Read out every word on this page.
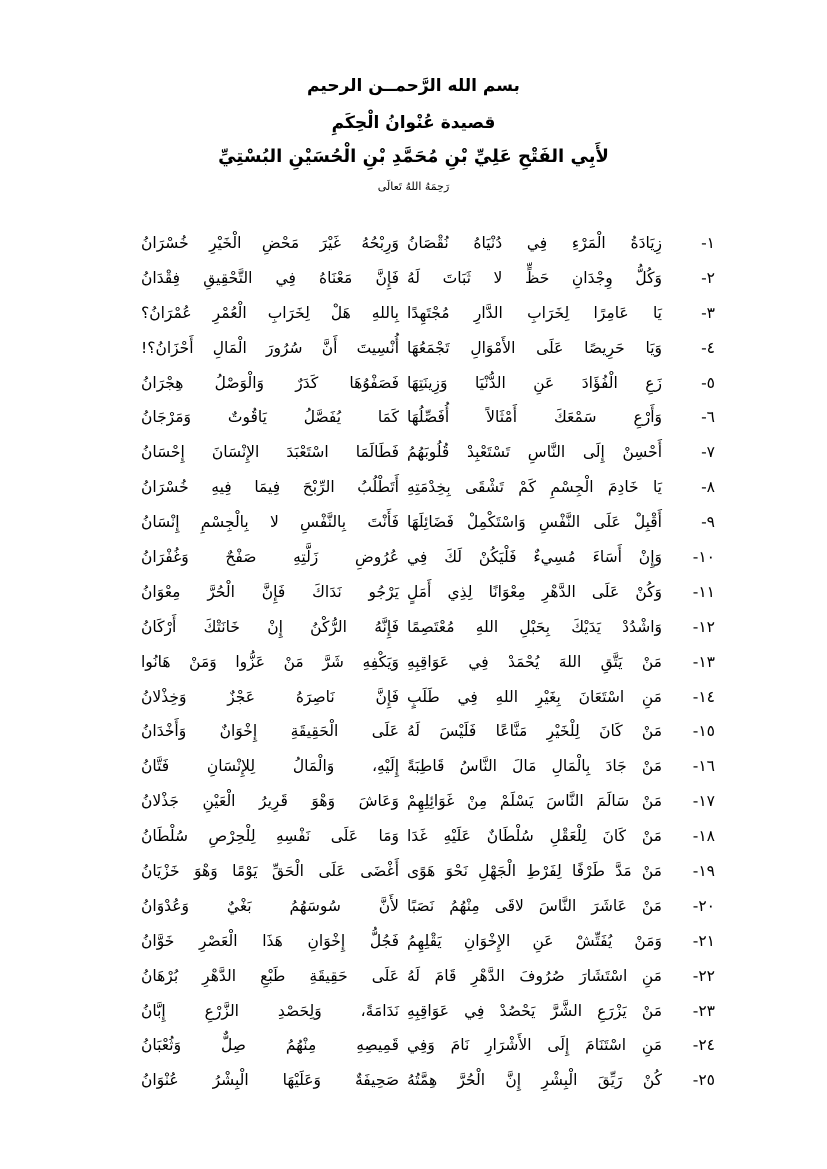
بسم الله الرَّحمــن الرحيم
قصيدة عُنْوانُ الْحِكَمِ
لأَبِي الفَتْحِ عَلِيِّ بْنِ مُحَمَّدِ بْنِ الْحُسَيْنِ البُسْتِيِّ
رَحِمَهُ اللهُ تَعالَى
١-
زِيَادَةُ الْمَرْءِ فِي دُنْيَاهُ نُقْصَانُ
وَرِبْحُهُ غَيْرَ مَحْضِ الْخَيْرِ خُسْرَانُ
٢-
وَكُلُّ وِجْدَانِ حَظٍّ لا ثَبَاتَ لَهُ
فَإِنَّ مَعْنَاهُ فِي التَّحْقِيقِ فِقْدَانُ
٣-
يَا عَامِرًا لِخَرَابِ الدَّارِ مُجْتَهِدًا
بِاللهِ هَلْ لِخَرَابِ الْعُمْرِ عُمْرَانُ؟
٤-
وَيَا حَرِيصًا عَلَى الأَمْوَالِ تَجْمَعُهَا
أُنْسِيتَ أَنَّ سُرُورَ الْمَالِ أَحْزَانُ؟!
٥-
زَعِ الْفُؤَادَ عَنِ الدُّنْيَا وَزِينَتِهَا
فَصَفْوُهَا كَدَرٌ وَالْوَصْلُ هِجْرَانُ
٦-
وَأَرْعِ سَمْعَكَ أَمْثَالاً أُفَصِّلُهَا
كَمَا يُفَصَّلُ يَاقُوتٌ وَمَرْجَانُ
٧-
أَحْسِنْ إِلَى النَّاسِ تَسْتَعْبِدْ قُلُوبَهُمُ
فَطَالَمَا اسْتَعْبَدَ الإِنْسَانَ إِحْسَانُ
٨-
يَا خَادِمَ الْجِسْمِ كَمْ تَشْقَى بِخِدْمَتِهِ
أَتَطْلُبُ الرِّبْحَ فِيمَا فِيهِ خُسْرَانُ
٩-
أَقْبِلْ عَلَى النَّفْسِ وَاسْتَكْمِلْ فَضَائِلَهَا
فَأَنْتَ بِالنَّفْسِ لا بِالْجِسْمِ إِنْسَانُ
١٠-
وَإِنْ أَسَاءَ مُسِيءٌ فَلْيَكُنْ لَكَ فِي
عُرُوضِ زَلَّتِهِ صَفْحٌ وَغُفْرَانُ
١١-
وَكُنْ عَلَى الدَّهْرِ مِعْوَانًا لِذِي أَمَلٍ
يَرْجُو نَدَاكَ فَإِنَّ الْحُرَّ مِعْوَانُ
١٢-
وَاشْدُدْ يَدَيْكَ بِحَبْلِ اللهِ مُعْتَصِمًا
فَإِنَّهُ الرُّكْنُ إِنْ خَانَتْكَ أَرْكَانُ
١٣-
مَنْ يَتَّقِ اللهَ يُحْمَدْ فِي عَوَاقِبِهِ
وَيَكْفِهِ شَرَّ مَنْ عَزُّوا وَمَنْ هَانُوا
١٤-
مَنِ اسْتَعَانَ بِغَيْرِ اللهِ فِي طَلَبٍ
فَإِنَّ نَاصِرَهُ عَجْزٌ وَخِذْلانُ
١٥-
مَنْ كَانَ لِلْخَيْرِ مَنَّاعًا فَلَيْسَ لَهُ
عَلَى الْحَقِيقَةِ إِخْوَانٌ وَأَخْدَانُ
١٦-
مَنْ جَادَ بِالْمَالِ مَالَ النَّاسُ قَاطِبَةً
إِلَيْهِ، وَالْمَالُ لِلإِنْسَانِ فَتَّانُ
١٧-
مَنْ سَالَمَ النَّاسَ يَسْلَمْ مِنْ غَوَائِلِهِمْ
وَعَاشَ وَهْوَ قَرِيرُ الْعَيْنِ جَذْلانُ
١٨-
مَنْ كَانَ لِلْعَقْلِ سُلْطَانٌ عَلَيْهِ غَدَا
وَمَا عَلَى نَفْسِهِ لِلْحِرْصِ سُلْطَانُ
١٩-
مَنْ مَدَّ طَرْفًا لِفَرْطِ الْجَهْلِ نَحْوَ هَوًى
أَغْضَى عَلَى الْحَقِّ يَوْمًا وَهْوَ خَزْيَانُ
٢٠-
مَنْ عَاشَرَ النَّاسَ لاقَى مِنْهُمُ نَصَبًا
لأَنَّ سُوسَهُمُ بَغْيٌ وَعُدْوَانُ
٢١-
وَمَنْ يُفَتِّشْ عَنِ الإِخْوَانِ يَقْلِهِمُ
فَجُلُّ إِخْوَانِ هَذَا الْعَصْرِ خَوَّانُ
٢٢-
مَنِ اسْتَشَارَ صُرُوفَ الدَّهْرِ قَامَ لَهُ
عَلَى حَقِيقَةِ طَبْعِ الدَّهْرِ بُرْهَانُ
٢٣-
مَنْ يَزْرَعِ الشَّرَّ يَحْصُدْ فِي عَوَاقِبِهِ
نَدَامَةً، وَلِحَصْدِ الزَّرْعِ إِبَّانُ
٢٤-
مَنِ اسْتَنَامَ إِلَى الأَشْرَارِ نَامَ وَفِي
قَمِيصِهِ مِنْهُمُ صِلٌّ وَثُعْبَانُ
٢٥-
كُنْ رَيِّقَ الْبِشْرِ إِنَّ الْحُرَّ هِمَّتُهُ
صَحِيفَةٌ وَعَلَيْهَا الْبِشْرُ عُنْوَانُ
